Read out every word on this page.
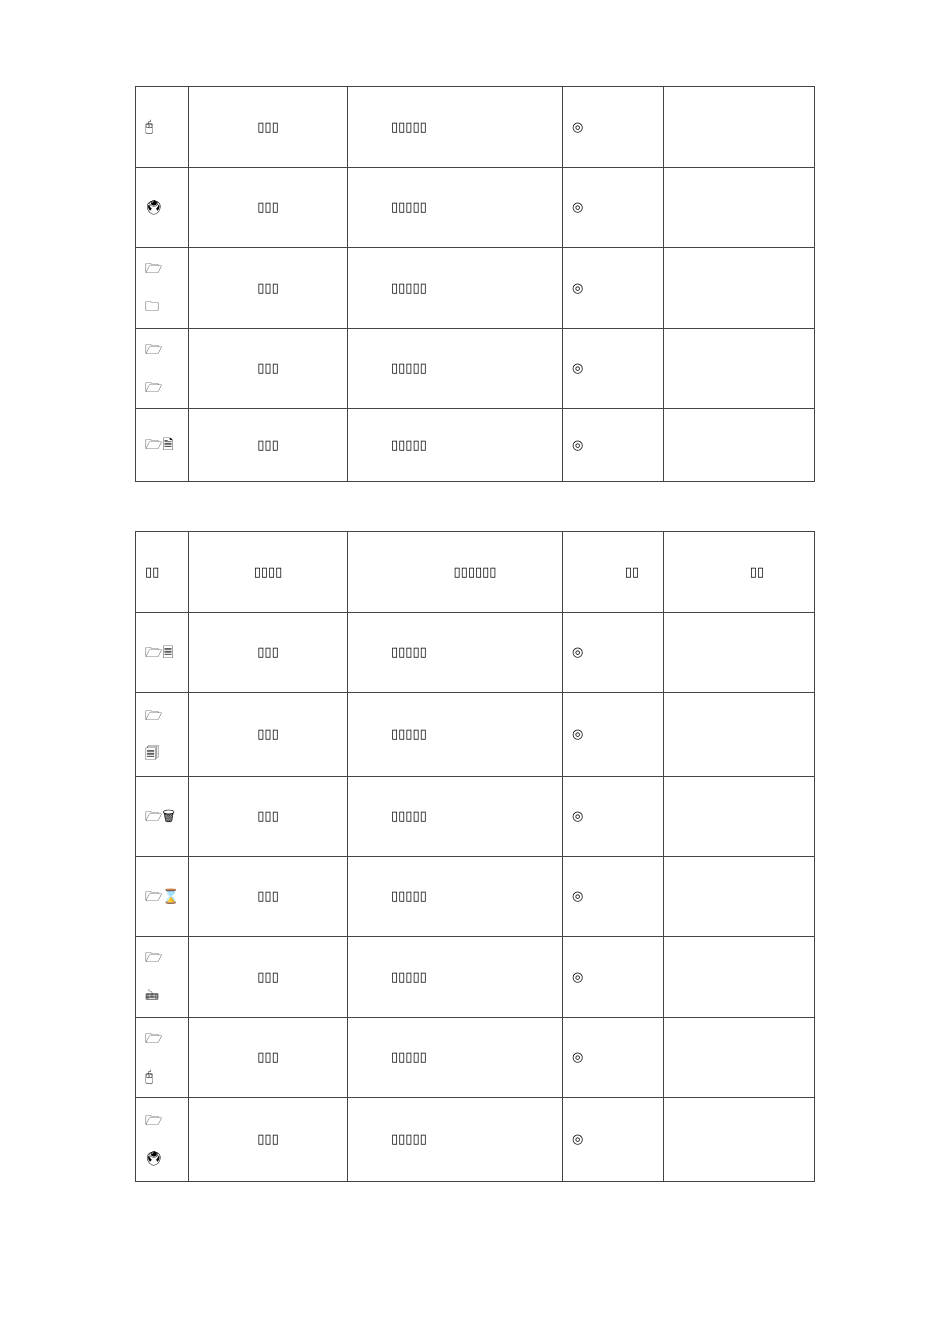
🖰	▯▯▯	▯▯▯▯▯	◎	

🖲	▯▯▯	▯▯▯▯▯	◎	

🗁
🗀	▯▯▯	▯▯▯▯▯	◎	

🗁
🗁	▯▯▯	▯▯▯▯▯	◎	

🗁🗎	▯▯▯	▯▯▯▯▯	◎	
▯▯	▯▯▯▯	▯▯▯▯▯▯	▯▯	▯▯

🗁🗏	▯▯▯	▯▯▯▯▯	◎	

🗁
🗐	▯▯▯	▯▯▯▯▯	◎	

🗁🗑	▯▯▯	▯▯▯▯▯	◎	

🗁⌛	▯▯▯	▯▯▯▯▯	◎	

🗁
🖮	▯▯▯	▯▯▯▯▯	◎	

🗁
🖰	▯▯▯	▯▯▯▯▯	◎	

🗁
🖲	▯▯▯	▯▯▯▯▯	◎	
